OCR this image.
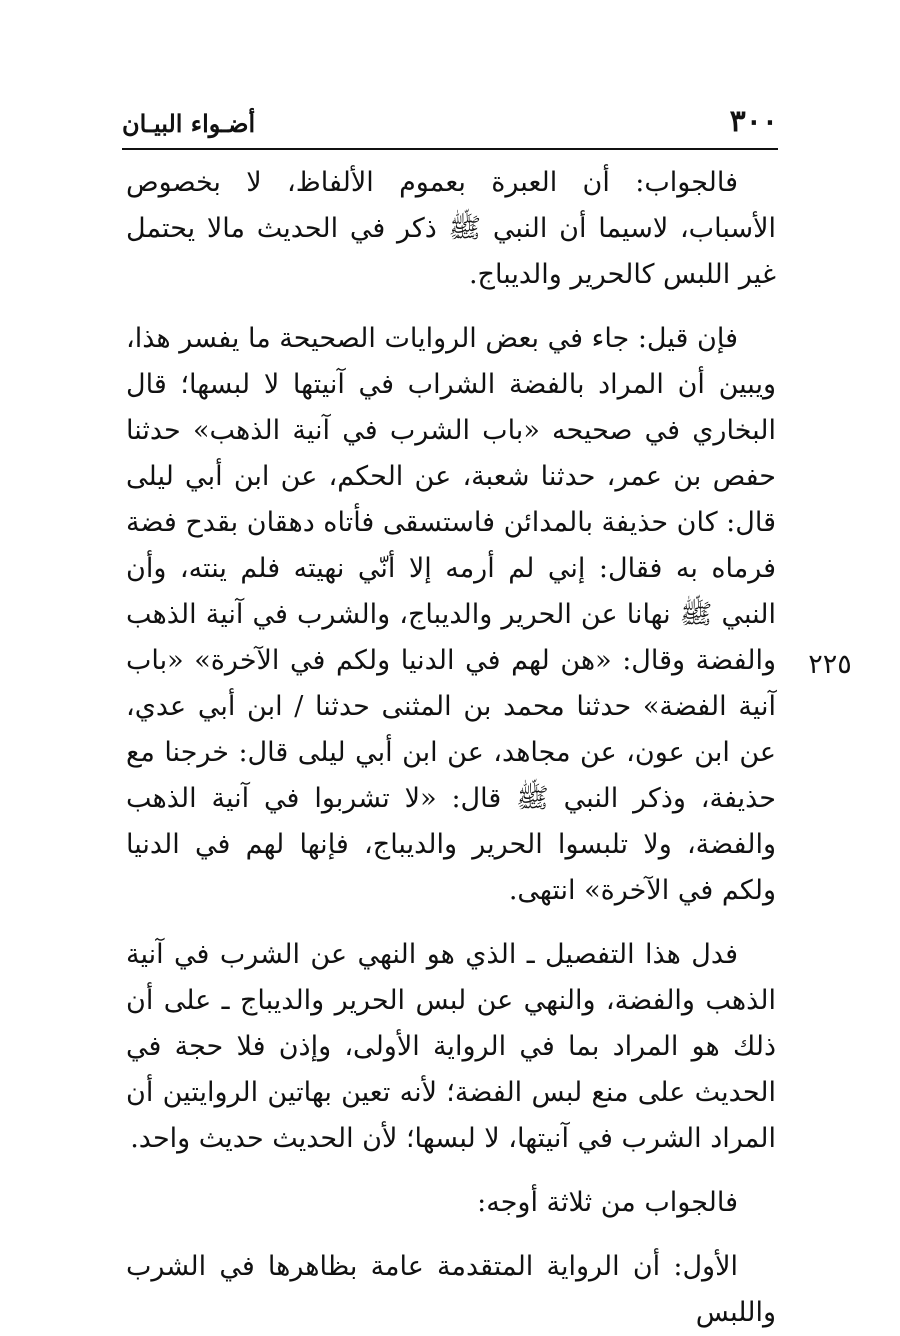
٣٠٠
أضـواء البيـان

فالجواب: أن العبرة بعموم الألفاظ، لا بخصوص الأسباب، لاسيما أن النبي ﷺ ذكر في الحديث مالا يحتمل غير اللبس كالحرير والديباج.

فإن قيل: جاء في بعض الروايات الصحيحة ما يفسر هذا، ويبين أن المراد بالفضة الشراب في آنيتها لا لبسها؛ قال البخاري في صحيحه «باب الشرب في آنية الذهب» حدثنا حفص بن عمر، حدثنا شعبة، عن الحكم، عن ابن أبي ليلى قال: كان حذيفة بالمدائن فاستسقى فأتاه دهقان بقدح فضة فرماه به فقال: إني لم أرمه إلا أنّي نهيته فلم ينته، وأن النبي ﷺ نهانا عن الحرير والديباج، والشرب في آنية الذهب والفضة وقال: «هن لهم في الدنيا ولكم في الآخرة» «باب آنية الفضة» حدثنا محمد بن المثنى حدثنا / ابن أبي عدي، عن ابن عون، عن مجاهد، عن ابن أبي ليلى قال: خرجنا مع حذيفة، وذكر النبي ﷺ قال: «لا تشربوا في آنية الذهب والفضة، ولا تلبسوا الحرير والديباج، فإنها لهم في الدنيا ولكم في الآخرة» انتهى.

فدل هذا التفصيل ـ الذي هو النهي عن الشرب في آنية الذهب والفضة، والنهي عن لبس الحرير والديباج ـ على أن ذلك هو المراد بما في الرواية الأولى، وإذن فلا حجة في الحديث على منع لبس الفضة؛ لأنه تعين بهاتين الروايتين أن المراد الشرب في آنيتها، لا لبسها؛ لأن الحديث حديث واحد.

فالجواب من ثلاثة أوجه:

الأول: أن الرواية المتقدمة عامة بظاهرها في الشرب واللبس

٢٢٥
